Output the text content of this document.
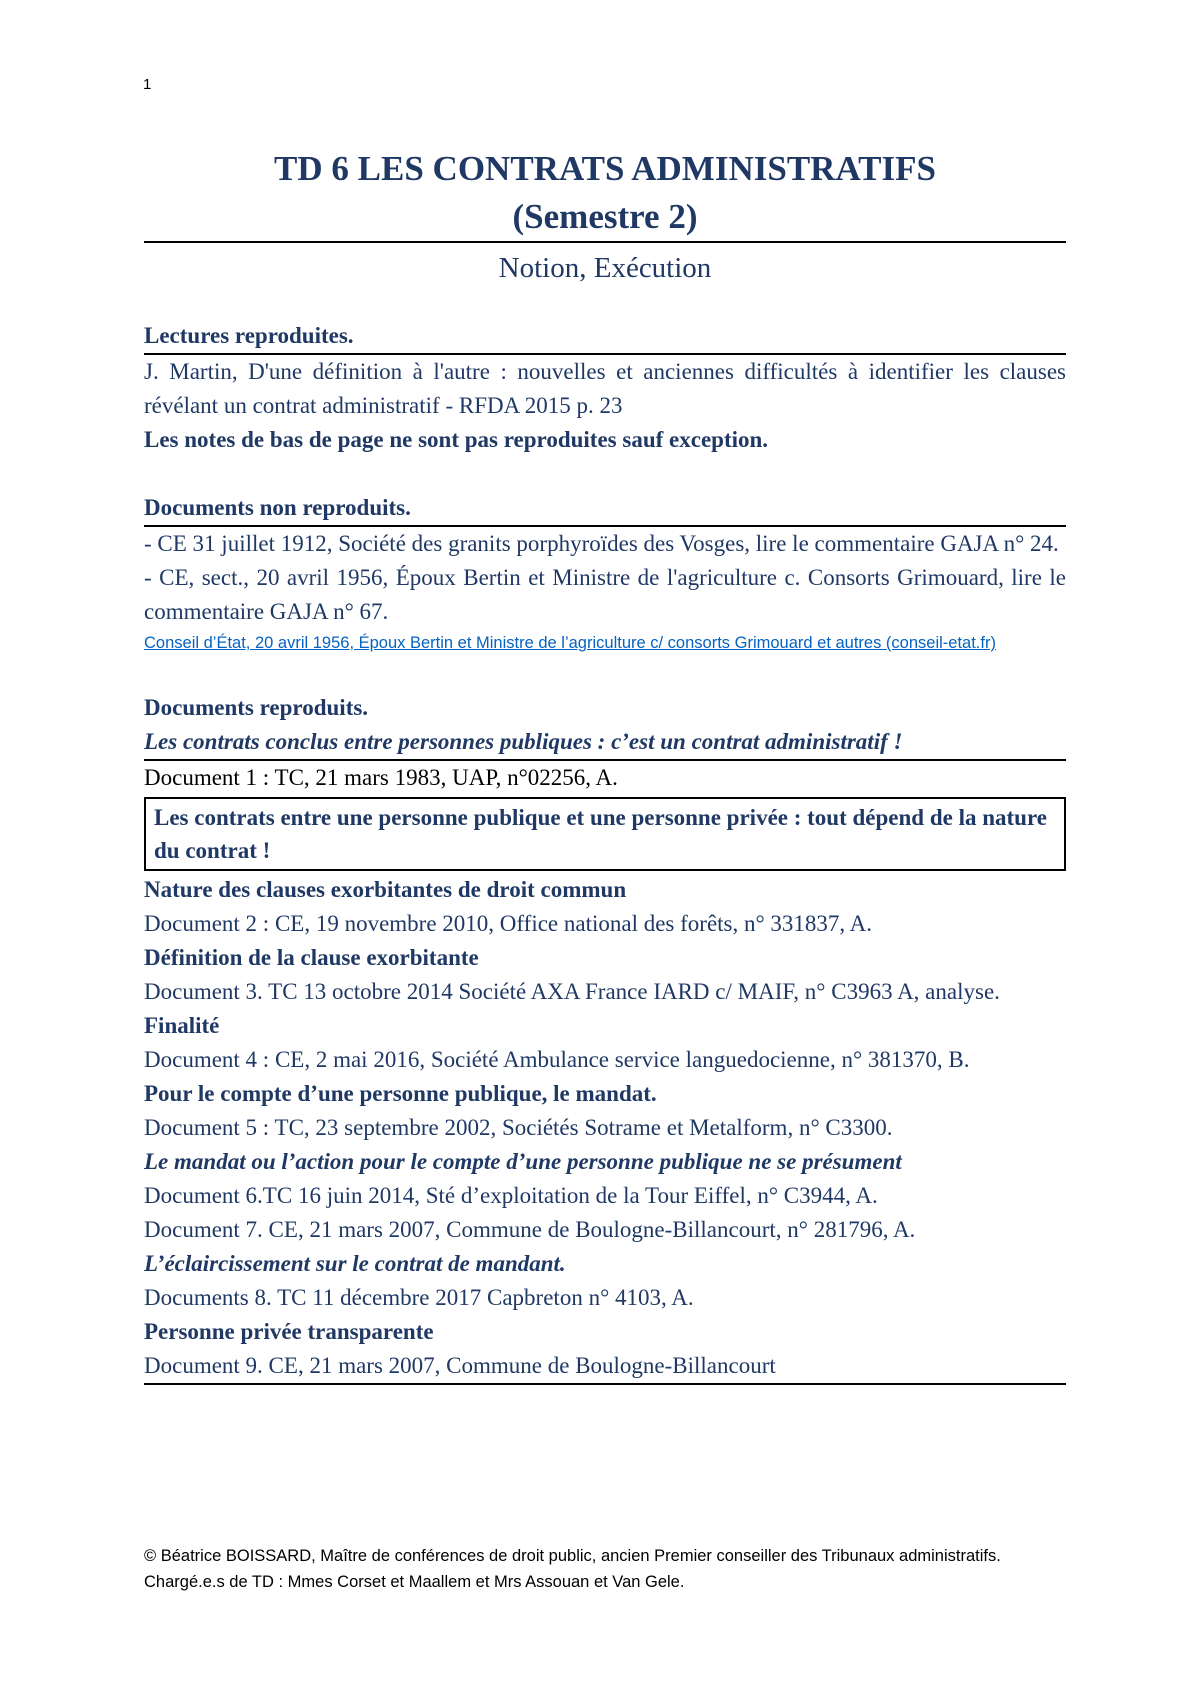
1
TD 6 LES CONTRATS ADMINISTRATIFS
(Semestre 2)
Notion, Exécution
Lectures reproduites.
J. Martin, D'une définition à l'autre : nouvelles et anciennes difficultés à identifier les clauses révélant un contrat administratif - RFDA 2015 p. 23
Les notes de bas de page ne sont pas reproduites sauf exception.
Documents non reproduits.
- CE 31 juillet 1912, Société des granits porphyroïdes des Vosges, lire le commentaire GAJA n° 24.
- CE, sect., 20 avril 1956, Époux Bertin et Ministre de l'agriculture c. Consorts Grimouard, lire le commentaire GAJA n° 67.
Conseil d’État, 20 avril 1956, Époux Bertin et Ministre de l’agriculture c/ consorts Grimouard et autres (conseil-etat.fr)
Documents reproduits.
Les contrats conclus entre personnes publiques : c’est un contrat administratif !
Document 1 : TC, 21 mars 1983, UAP, n°02256, A.
Les contrats entre une personne publique et une personne privée : tout dépend de la nature du contrat !
Nature des clauses exorbitantes de droit commun
Document 2 : CE, 19 novembre 2010, Office national des forêts, n° 331837, A.
Définition de la clause exorbitante
Document 3. TC 13 octobre 2014 Société AXA France IARD c/ MAIF, n° C3963 A, analyse.
Finalité
Document 4 : CE, 2 mai 2016, Société Ambulance service languedocienne, n° 381370, B.
Pour le compte d’une personne publique, le mandat.
Document 5 : TC, 23 septembre 2002, Sociétés Sotrame et Metalform, n° C3300.
Le mandat ou l’action pour le compte d’une personne publique ne se présument
Document 6.TC 16 juin 2014, Sté d’exploitation de la Tour Eiffel, n° C3944, A.
Document 7. CE, 21 mars 2007, Commune de Boulogne-Billancourt, n° 281796, A.
L’éclaircissement sur le contrat de mandant.
Documents 8. TC 11 décembre 2017 Capbreton n° 4103, A.
Personne privée transparente
Document 9. CE, 21 mars 2007, Commune de Boulogne-Billancourt
© Béatrice BOISSARD, Maître de conférences de droit public, ancien Premier conseiller des Tribunaux administratifs.
Chargé.e.s de TD : Mmes Corset et Maallem et Mrs Assouan et Van Gele.
